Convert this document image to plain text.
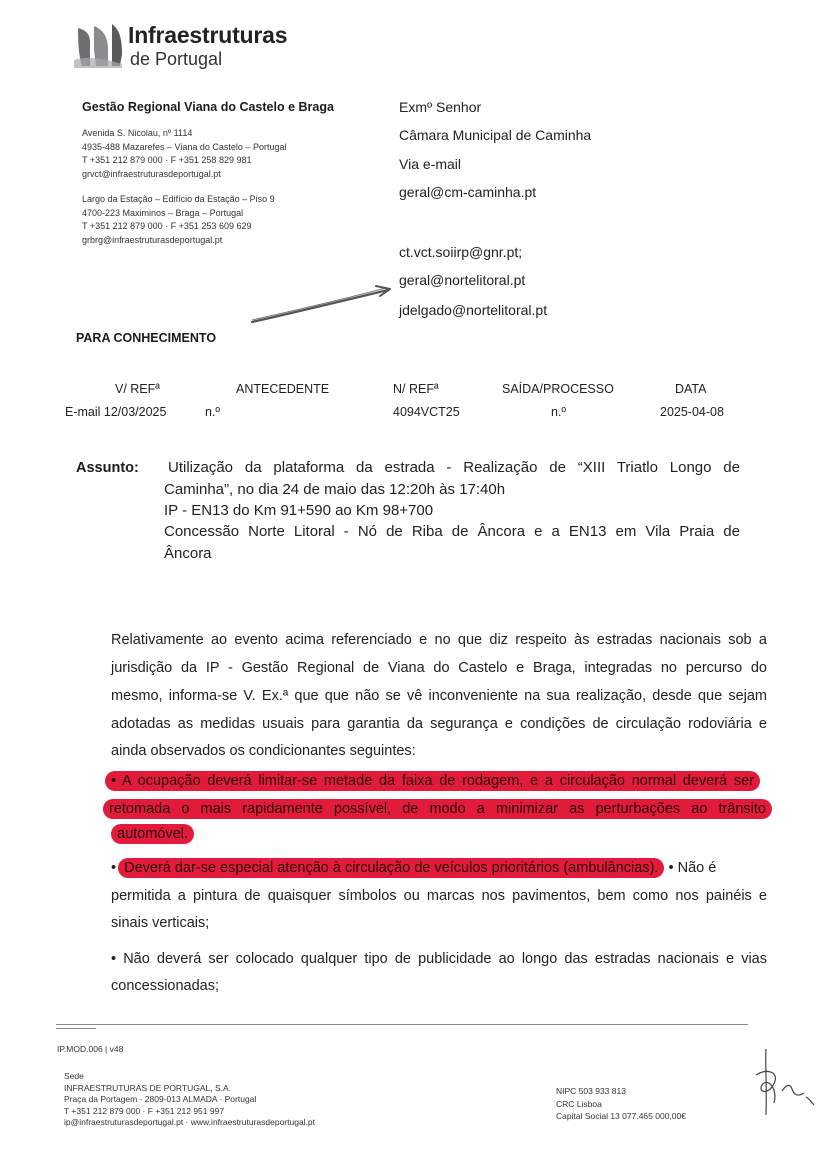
Infraestruturas
de Portugal
Gestão Regional Viana do Castelo e Braga
Avenida S. Nicolau, nº 1114
4935-488 Mazarefes – Viana do Castelo – Portugal
T +351 212 879 000 · F +351 258 829 981
grvct@infraestruturasdeportugal.pt
Largo da Estação – Edifício da Estação – Piso 9
4700-223 Maximinos – Braga – Portugal
T +351 212 879 000 · F +351 253 609 629
grbrg@infraestruturasdeportugal.pt
Exmº Senhor
Câmara Municipal de Caminha
Via e-mail
geral@cm-caminha.pt
ct.vct.soiirp@gnr.pt;
geral@nortelitoral.pt
jdelgado@nortelitoral.pt
PARA CONHECIMENTO
V/ REFª	ANTECEDENTE	N/ REFª	SAÍDA/PROCESSO	DATA
E-mail 12/03/2025	n.º	4094VCT25	n.º	2025-04-08
Assunto: Utilização da plataforma da estrada - Realização de “XIII Triatlo Longo de
Caminha”, no dia 24 de maio das 12:20h às 17:40h
IP - EN13 do Km 91+590 ao Km 98+700
Concessão Norte Litoral - Nó de Riba de Âncora e a EN13 em Vila Praia de
Âncora
Relativamente ao evento acima referenciado e no que diz respeito às estradas nacionais sob a
jurisdição da IP - Gestão Regional de Viana do Castelo e Braga, integradas no percurso do
mesmo, informa-se V. Ex.ª que que não se vê inconveniente na sua realização, desde que sejam
adotadas as medidas usuais para garantia da segurança e condições de circulação rodoviária e
ainda observados os condicionantes seguintes:
• A ocupação deverá limitar-se metade da faixa de rodagem, e a circulação normal deverá ser
retomada o mais rapidamente possível, de modo a minimizar as perturbações ao trânsito
automóvel.
• Deverá dar-se especial atenção à circulação de veículos prioritários (ambulâncias). • Não é
permitida a pintura de quaisquer símbolos ou marcas nos pavimentos, bem como nos painéis e
sinais verticais;
• Não deverá ser colocado qualquer tipo de publicidade ao longo das estradas nacionais e vias
concessionadas;
IP.MOD.006 | v48
Sede
INFRAESTRUTURAS DE PORTUGAL, S.A.
Praça da Portagem · 2809-013 ALMADA · Portugal
T +351 212 879 000 · F +351 212 951 997
ip@infraestruturasdeportugal.pt · www.infraestruturasdeportugal.pt
NIPC 503 933 813
CRC Lisboa
Capital Social 13 077.465 000,00€
